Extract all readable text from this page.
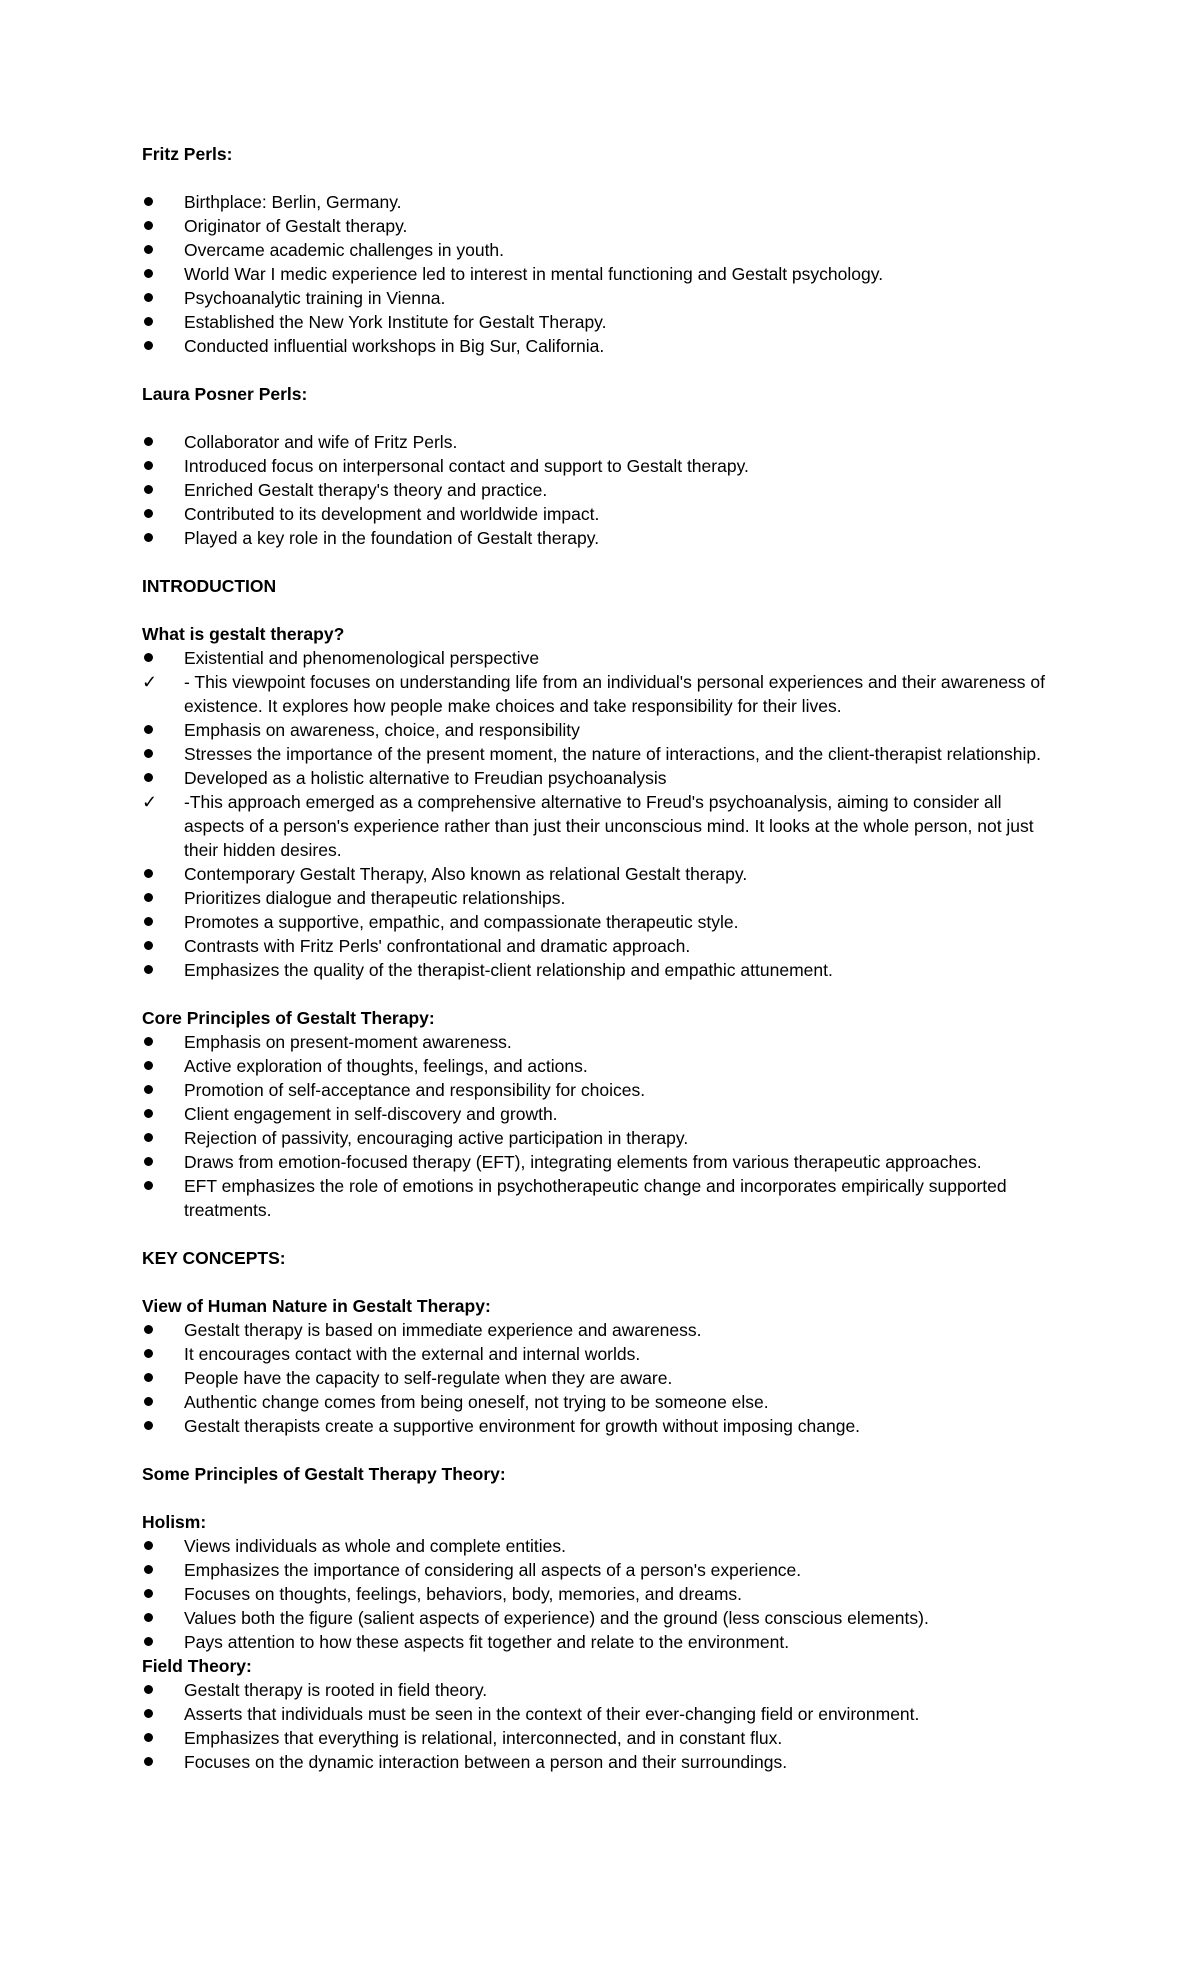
Fritz Perls:

Birthplace: Berlin, Germany.
Originator of Gestalt therapy.
Overcame academic challenges in youth.
World War I medic experience led to interest in mental functioning and Gestalt psychology.
Psychoanalytic training in Vienna.
Established the New York Institute for Gestalt Therapy.
Conducted influential workshops in Big Sur, California.

Laura Posner Perls:

Collaborator and wife of Fritz Perls.
Introduced focus on interpersonal contact and support to Gestalt therapy.
Enriched Gestalt therapy's theory and practice.
Contributed to its development and worldwide impact.
Played a key role in the foundation of Gestalt therapy.

INTRODUCTION

What is gestalt therapy?

Existential and phenomenological perspective
✓ - This viewpoint focuses on understanding life from an individual's personal experiences and their awareness of existence. It explores how people make choices and take responsibility for their lives.
Emphasis on awareness, choice, and responsibility
Stresses the importance of the present moment, the nature of interactions, and the client-therapist relationship.
Developed as a holistic alternative to Freudian psychoanalysis
✓ -This approach emerged as a comprehensive alternative to Freud's psychoanalysis, aiming to consider all aspects of a person's experience rather than just their unconscious mind. It looks at the whole person, not just their hidden desires.
Contemporary Gestalt Therapy, Also known as relational Gestalt therapy.
Prioritizes dialogue and therapeutic relationships.
Promotes a supportive, empathic, and compassionate therapeutic style.
Contrasts with Fritz Perls' confrontational and dramatic approach.
Emphasizes the quality of the therapist-client relationship and empathic attunement.

Core Principles of Gestalt Therapy:

Emphasis on present-moment awareness.
Active exploration of thoughts, feelings, and actions.
Promotion of self-acceptance and responsibility for choices.
Client engagement in self-discovery and growth.
Rejection of passivity, encouraging active participation in therapy.
Draws from emotion-focused therapy (EFT), integrating elements from various therapeutic approaches.
EFT emphasizes the role of emotions in psychotherapeutic change and incorporates empirically supported treatments.

KEY CONCEPTS:

View of Human Nature in Gestalt Therapy:

Gestalt therapy is based on immediate experience and awareness.
It encourages contact with the external and internal worlds.
People have the capacity to self-regulate when they are aware.
Authentic change comes from being oneself, not trying to be someone else.
Gestalt therapists create a supportive environment for growth without imposing change.

Some Principles of Gestalt Therapy Theory:

Holism:

Views individuals as whole and complete entities.
Emphasizes the importance of considering all aspects of a person's experience.
Focuses on thoughts, feelings, behaviors, body, memories, and dreams.
Values both the figure (salient aspects of experience) and the ground (less conscious elements).
Pays attention to how these aspects fit together and relate to the environment.

Field Theory:

Gestalt therapy is rooted in field theory.
Asserts that individuals must be seen in the context of their ever-changing field or environment.
Emphasizes that everything is relational, interconnected, and in constant flux.
Focuses on the dynamic interaction between a person and their surroundings.
